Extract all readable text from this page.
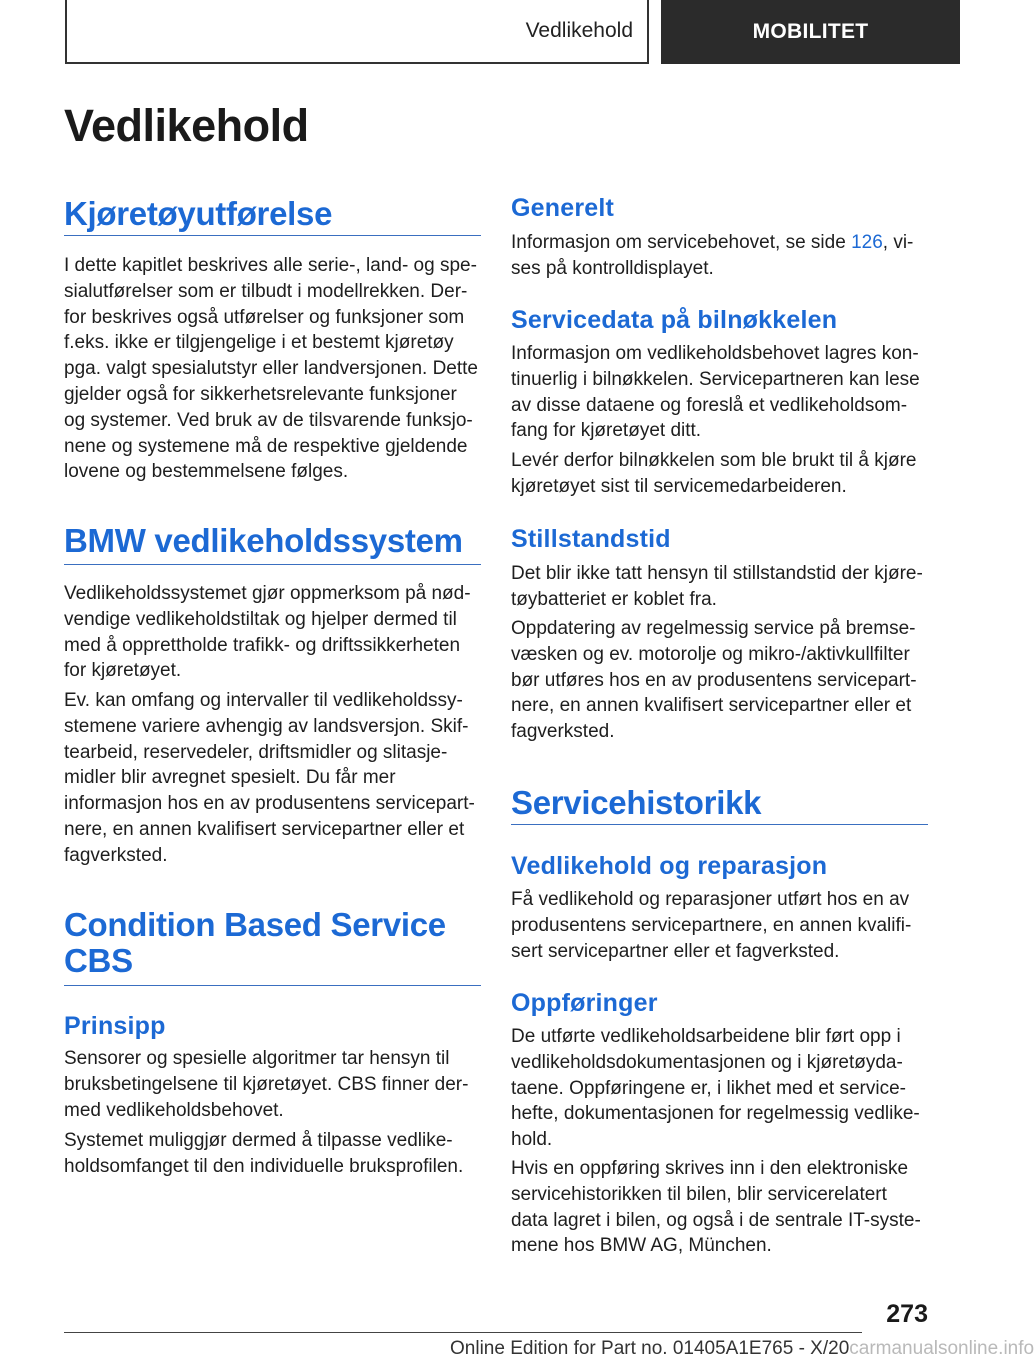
Vedlikehold	MOBILITET
Vedlikehold
Kjøretøyutførelse

I dette kapitlet beskrives alle serie-, land- og spe-sialutførelser som er tilbudt i modellrekken. Der-for beskrives også utførelser og funksjoner som f.eks. ikke er tilgjengelige i et bestemt kjøretøy pga. valgt spesialutstyr eller landversjonen. Dette gjelder også for sikkerhetsrelevante funksjoner og systemer. Ved bruk av de tilsvarende funksjo-nene og systemene må de respektive gjeldende lovene og bestemmelsene følges.

BMW vedlikeholdssystem

Vedlikeholdssystemet gjør oppmerksom på nød-vendige vedlikeholdstiltak og hjelper dermed til med å opprettholde trafikk- og driftssikkerheten for kjøretøyet.

Ev. kan omfang og intervaller til vedlikeholdssy-stemene variere avhengig av landsversjon. Skif-tearbeid, reservedeler, driftsmidler og slitasje-midler blir avregnet spesielt. Du får mer informasjon hos en av produsentens servicepart-nere, en annen kvalifisert servicepartner eller et fagverksted.

Condition Based Service CBS
Prinsipp

Sensorer og spesielle algoritmer tar hensyn til bruksbetingelsene til kjøretøyet. CBS finner der-med vedlikeholdsbehovet.

Systemet muliggjør dermed å tilpasse vedlike-holdsomfanget til den individuelle bruksprofilen.

Generelt

Informasjon om servicebehovet, se side 126, vi-ses på kontrolldisplayet.

Servicedata på bilnøkkelen

Informasjon om vedlikeholdsbehovet lagres kon-tinuerlig i bilnøkkelen. Servicepartneren kan lese av disse dataene og foreslå et vedlikeholdsom-fang for kjøretøyet ditt.

Levér derfor bilnøkkelen som ble brukt til å kjøre kjøretøyet sist til servicemedarbeideren.

Stillstandstid

Det blir ikke tatt hensyn til stillstandstid der kjøre-tøybatteriet er koblet fra.

Oppdatering av regelmessig service på bremse-væsken og ev. motorolje og mikro-/aktivkullfilter bør utføres hos en av produsentens servicepart-nere, en annen kvalifisert servicepartner eller et fagverksted.

Servicehistorikk
Vedlikehold og reparasjon

Få vedlikehold og reparasjoner utført hos en av produsentens servicepartnere, en annen kvalifi-sert servicepartner eller et fagverksted.

Oppføringer

De utførte vedlikeholdsarbeidene blir ført opp i vedlikeholdsdokumentasjonen og i kjøretøyda-taene. Oppføringene er, i likhet med et service-hefte, dokumentasjonen for regelmessig vedlike-hold.

Hvis en oppføring skrives inn i den elektroniske servicehistorikken til bilen, blir servicerelatert data lagret i bilen, og også i de sentrale IT-syste-mene hos BMW AG, München.

273
Online Edition for Part no. 01405A1E765 - X/20carmanualsonline.info
